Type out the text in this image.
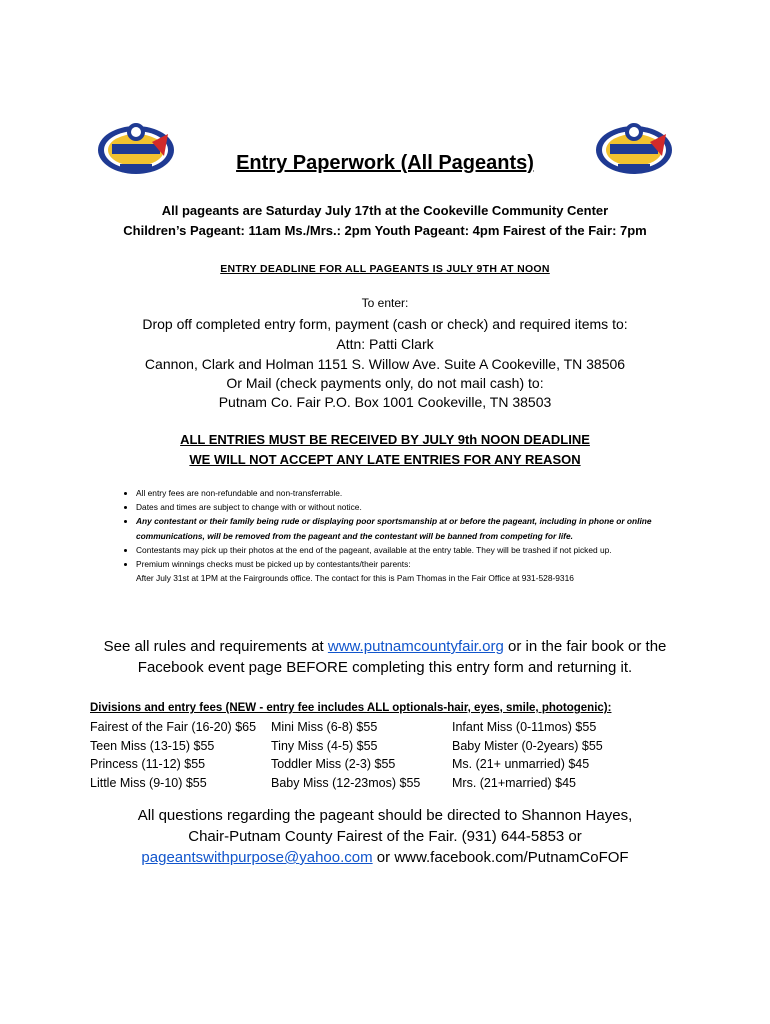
Entry Paperwork (All Pageants)
All pageants are Saturday July 17th at the Cookeville Community Center
Children’s Pageant: 11am Ms./Mrs.: 2pm Youth Pageant: 4pm Fairest of the Fair: 7pm
ENTRY DEADLINE FOR ALL PAGEANTS IS JULY 9TH AT NOON
To enter:
Drop off completed entry form, payment (cash or check) and required items to:
Attn: Patti Clark
Cannon, Clark and Holman 1151 S. Willow Ave. Suite A Cookeville, TN 38506
Or Mail (check payments only, do not mail cash) to:
Putnam Co. Fair P.O. Box 1001 Cookeville, TN 38503
ALL ENTRIES MUST BE RECEIVED BY JULY 9th NOON DEADLINE
WE WILL NOT ACCEPT ANY LATE ENTRIES FOR ANY REASON
• All entry fees are non-refundable and non-transferrable.
• Dates and times are subject to change with or without notice.
• Any contestant or their family being rude or displaying poor sportsmanship at or before the pageant, including in phone or online communications, will be removed from the pageant and the contestant will be banned from competing for life.
• Contestants may pick up their photos at the end of the pageant, available at the entry table. They will be trashed if not picked up.
• Premium winnings checks must be picked up by contestants/their parents:
After July 31st at 1PM at the Fairgrounds office. The contact for this is Pam Thomas in the Fair Office at 931-528-9316
See all rules and requirements at www.putnamcountyfair.org or in the fair book or the
Facebook event page BEFORE completing this entry form and returning it.
Divisions and entry fees (NEW - entry fee includes ALL optionals-hair, eyes, smile, photogenic):
Fairest of the Fair (16-20) $65
Teen Miss (13-15) $55
Princess (11-12) $55
Little Miss (9-10) $55
Mini Miss (6-8) $55
Tiny Miss (4-5) $55
Toddler Miss (2-3) $55
Baby Miss (12-23mos) $55
Infant Miss (0-11mos) $55
Baby Mister (0-2years) $55
Ms. (21+ unmarried) $45
Mrs. (21+married) $45
All questions regarding the pageant should be directed to Shannon Hayes,
Chair-Putnam County Fairest of the Fair. (931) 644-5853 or
pageantswithpurpose@yahoo.com or www.facebook.com/PutnamCoFOF
